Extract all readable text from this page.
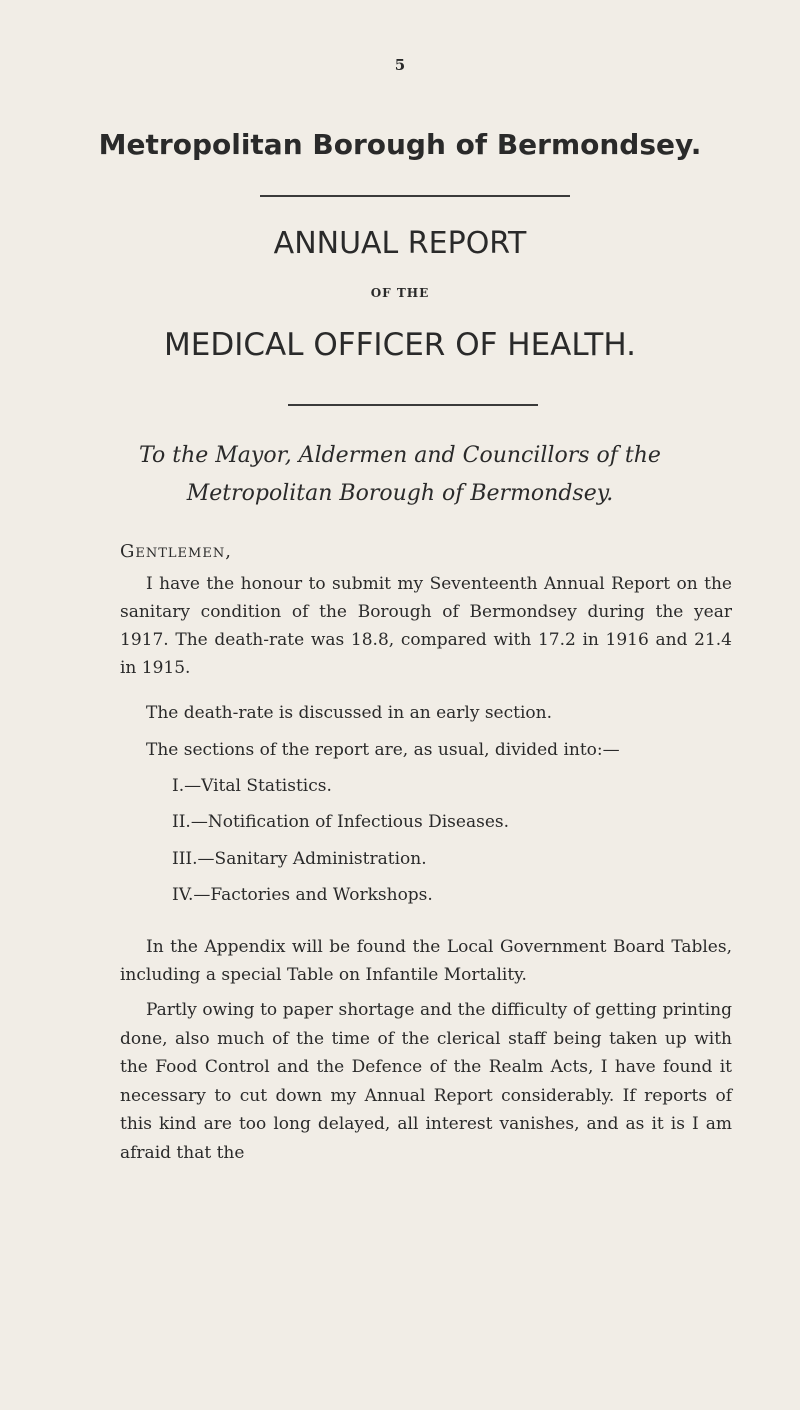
5
Metropolitan Borough of Bermondsey.
ANNUAL REPORT
OF THE
MEDICAL OFFICER OF HEALTH.
To the Mayor, Aldermen and Councillors of the
Metropolitan Borough of Bermondsey.
Gentlemen,

I have the honour to submit my Seventeenth Annual Report on the sanitary condition of the Borough of Bermondsey during the year 1917. The death-rate was 18.8, compared with 17.2 in 1916 and 21.4 in 1915.

The death-rate is discussed in an early section.
The sections of the report are, as usual, divided into:—
I.—Vital Statistics.
II.—Notification of Infectious Diseases.
III.—Sanitary Administration.
IV.—Factories and Workshops.

In the Appendix will be found the Local Government Board Tables, including a special Table on Infantile Mortality.

Partly owing to paper shortage and the difficulty of getting printing done, also much of the time of the clerical staff being taken up with the Food Control and the Defence of the Realm Acts, I have found it necessary to cut down my Annual Report considerably. If reports of this kind are too long delayed, all interest vanishes, and as it is I am afraid that the
